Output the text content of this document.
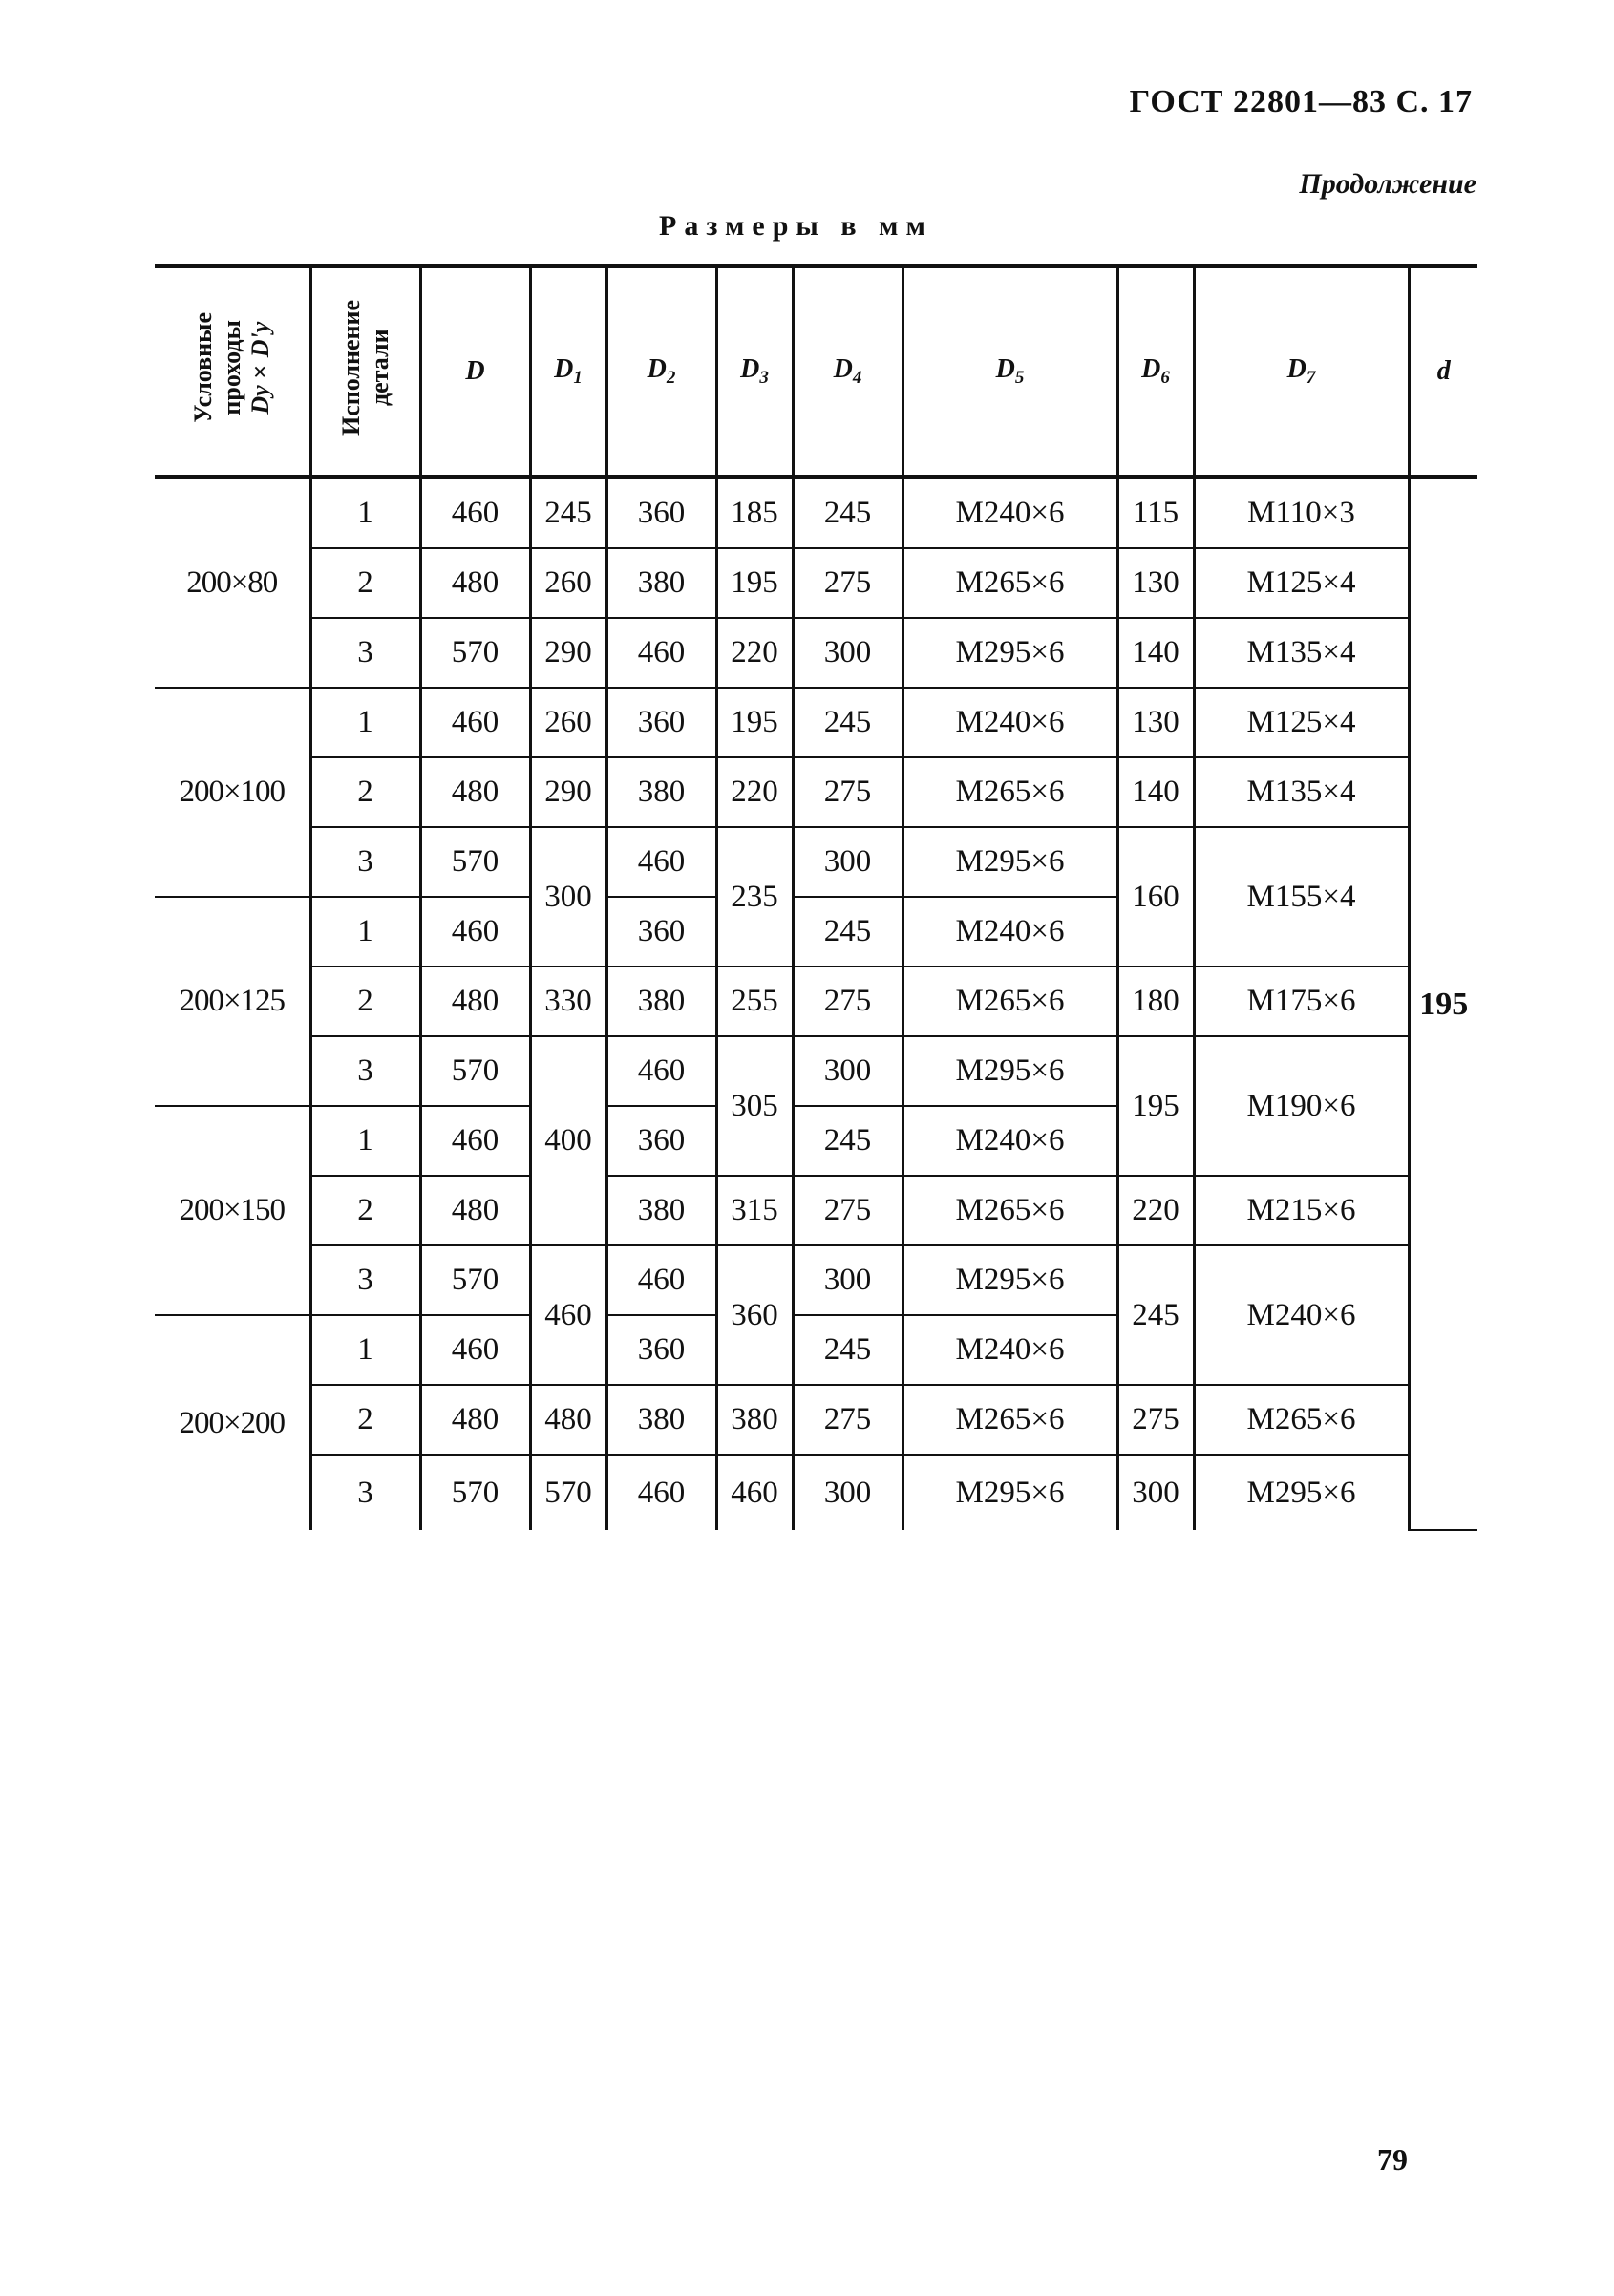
ГОСТ 22801—83 С. 17
Продолжение
Размеры в мм
Условные
проходы
Dy×D'y	Исполнение
детали	D	$D_1$	$D_2$	$D_3$	$D_4$	$D_5$	$D_6$	$D_7$	d
200×80	1	460	245	360	185	245	М240×6	115	М110×3	195
	2	480	260	380	195	275	М265×6	130	М125×4	
	3	570	290	460	220	300	М295×6	140	М135×4	
200×100	1	460	260	360	195	245	М240×6	130	М125×4	
	2	480	290	380	220	275	М265×6	140	М135×4	
	3	570	300	460	235	300	М295×6	160	М155×4	
200×125	1	460		360		245	М240×6			
	2	480	330	380	255	275	М265×6	180	М175×6	
	3	570	400	460	305	300	М295×6	195	М190×6	
200×150	1	460		360		245	М240×6			
	2	480		380	315	275	М265×6	220	М215×6	
	3	570	460	460	360	300	М295×6	245	М240×6	
200×200	1	460		360		245	М240×6			
	2	480	480	380	380	275	М265×6	275	М265×6	
	3	570	570	460	460	300	М295×6	300	М295×6	
79
